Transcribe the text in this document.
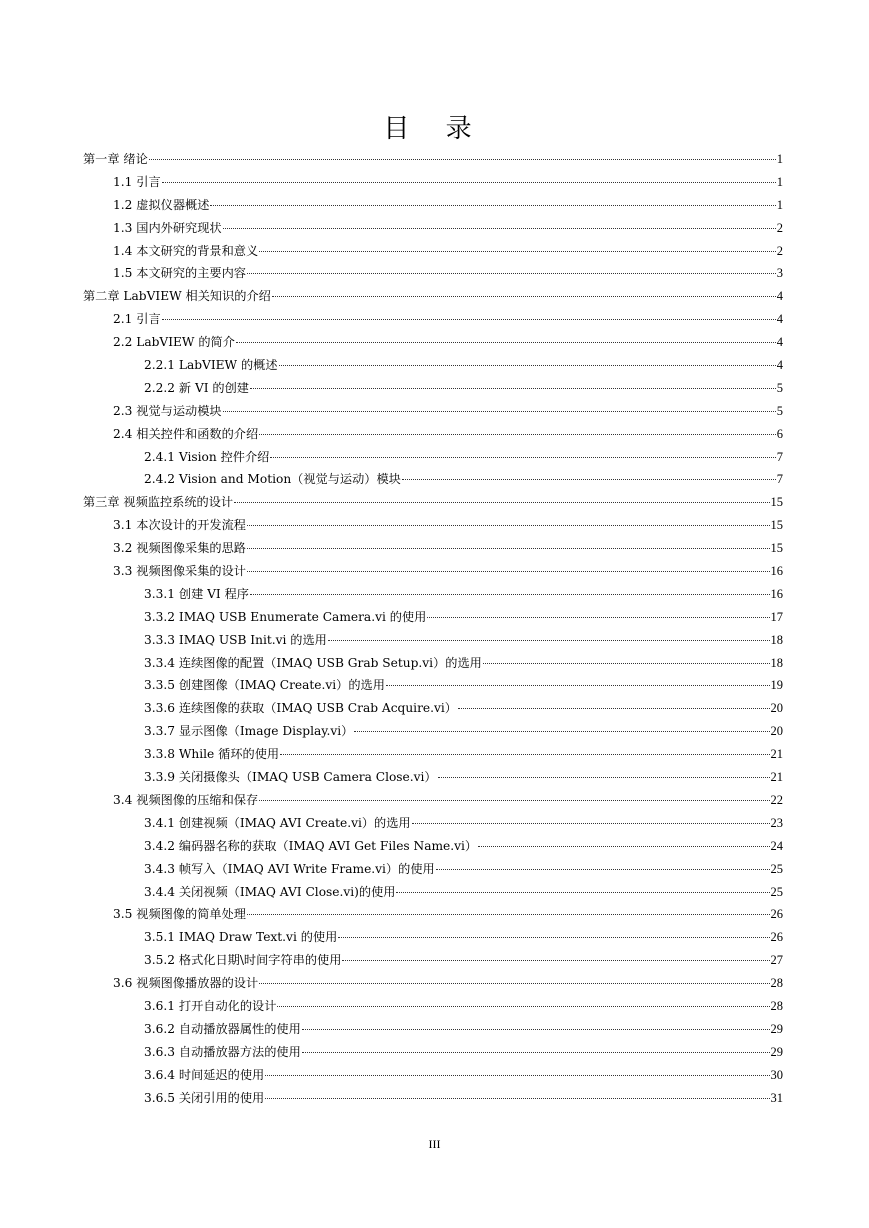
目 录
第一章 绪论	1
1.1 引言	1
1.2 虚拟仪器概述	1
1.3 国内外研究现状	2
1.4 本文研究的背景和意义	2
1.5 本文研究的主要内容	3
第二章 LabVIEW 相关知识的介绍	4
2.1 引言	4
2.2 LabVIEW 的简介	4
2.2.1 LabVIEW 的概述	4
2.2.2 新 VI 的创建	5
2.3 视觉与运动模块	5
2.4 相关控件和函数的介绍	6
2.4.1 Vision 控件介绍	7
2.4.2 Vision and Motion（视觉与运动）模块	7
第三章 视频监控系统的设计	15
3.1 本次设计的开发流程	15
3.2 视频图像采集的思路	15
3.3 视频图像采集的设计	16
3.3.1 创建 VI 程序	16
3.3.2 IMAQ USB Enumerate Camera.vi 的使用	17
3.3.3 IMAQ USB Init.vi 的选用	18
3.3.4 连续图像的配置（IMAQ USB Grab Setup.vi）的选用	18
3.3.5 创建图像（IMAQ Create.vi）的选用	19
3.3.6 连续图像的获取（IMAQ USB Crab Acquire.vi）	20
3.3.7 显示图像（Image Display.vi）	20
3.3.8 While 循环的使用	21
3.3.9 关闭摄像头（IMAQ USB Camera Close.vi）	21
3.4 视频图像的压缩和保存	22
3.4.1 创建视频（IMAQ AVI Create.vi）的选用	23
3.4.2 编码器名称的获取（IMAQ AVI Get Files Name.vi）	24
3.4.3 帧写入（IMAQ AVI Write Frame.vi）的使用	25
3.4.4 关闭视频（IMAQ AVI Close.vi)的使用	25
3.5 视频图像的简单处理	26
3.5.1 IMAQ Draw Text.vi 的使用	26
3.5.2 格式化日期\时间字符串的使用	27
3.6 视频图像播放器的设计	28
3.6.1 打开自动化的设计	28
3.6.2 自动播放器属性的使用	29
3.6.3 自动播放器方法的使用	29
3.6.4 时间延迟的使用	30
3.6.5 关闭引用的使用	31
III
